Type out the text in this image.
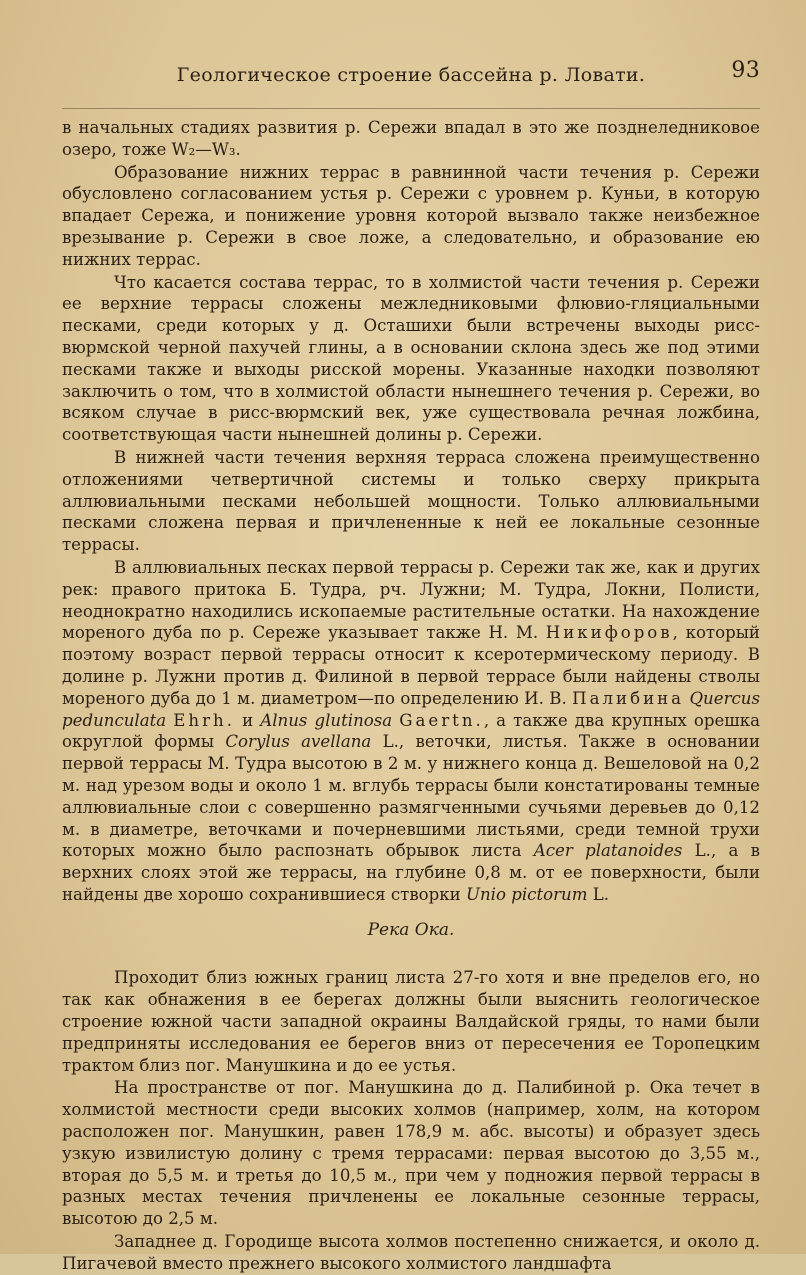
Геологическое строение бассейна р. Ловати.	93

в начальных стадиях развития р. Сережи впадал в это же позднеледниковое озеро, тоже W₂—W₃.

Образование нижних террас в равнинной части течения р. Сережи обусловлено согласованием устья р. Сережи с уровнем р. Куньи, в которую впадает Сережа, и понижение уровня которой вызвало также неизбежное врезывание р. Сережи в свое ложе, а следовательно, и образование ею нижних террас.

Что касается состава террас, то в холмистой части течения р. Сережи ее верхние террасы сложены межледниковыми флювио-гляциальными песками, среди которых у д. Осташихи были встречены выходы рисс-вюрмской черной пахучей глины, а в основании склона здесь же под этими песками также и выходы рисской морены. Указанные находки позволяют заключить о том, что в холмистой области нынешнего течения р. Сережи, во всяком случае в рисс-вюрмский век, уже существовала речная ложбина, соответствующая части нынешней долины р. Сережи.

В нижней части течения верхняя терраса сложена преимущественно отложениями четвертичной системы и только сверху прикрыта аллювиальными песками небольшей мощности. Только аллювиальными песками сложена первая и причлененные к ней ее локальные сезонные террасы.

В аллювиальных песках первой террасы р. Сережи так же, как и других рек: правого притока Б. Тудра, рч. Лужни; М. Тудра, Локни, Полисти, неоднократно находились ископаемые растительные остатки. На нахождение мореного дуба по р. Сереже указывает также Н. М. Никифоров, который поэтому возраст первой террасы относит к ксеротермическому периоду. В долине р. Лужни против д. Филиной в первой террасе были найдены стволы мореного дуба до 1 м. диаметром—по определению И. В. Палибина Quercus pedunculata Ehrh. и Alnus glutinosa Gaertn., а также два крупных орешка округлой формы Corylus avellana L., веточки, листья. Также в основании первой террасы М. Тудра высотою в 2 м. у нижнего конца д. Вешеловой на 0,2 м. над урезом воды и около 1 м. вглубь террасы были констатированы темные аллювиальные слои с совершенно размягченными сучьями деревьев до 0,12 м. в диаметре, веточками и почерневшими листьями, среди темной трухи которых можно было распознать обрывок листа Acer platanoides L., а в верхних слоях этой же террасы, на глубине 0,8 м. от ее поверхности, были найдены две хорошо сохранившиеся створки Unio pictorum L.

Река Ока.

Проходит близ южных границ листа 27-го хотя и вне пределов его, но так как обнажения в ее берегах должны были выяснить геологическое строение южной части западной окраины Валдайской гряды, то нами были предприняты исследования ее берегов вниз от пересечения ее Торопецким трактом близ пог. Манушкина и до ее устья.

На пространстве от пог. Манушкина до д. Палибиной р. Ока течет в холмистой местности среди высоких холмов (например, холм, на котором расположен пог. Манушкин, равен 178,9 м. абс. высоты) и образует здесь узкую извилистую долину с тремя террасами: первая высотою до 3,55 м., вторая до 5,5 м. и третья до 10,5 м., при чем у подножия первой террасы в разных местах течения причленены ее локальные сезонные террасы, высотою до 2,5 м.

Западнее д. Городище высота холмов постепенно снижается, и около д. Пигачевой вместо прежнего высокого холмистого ландшафта
